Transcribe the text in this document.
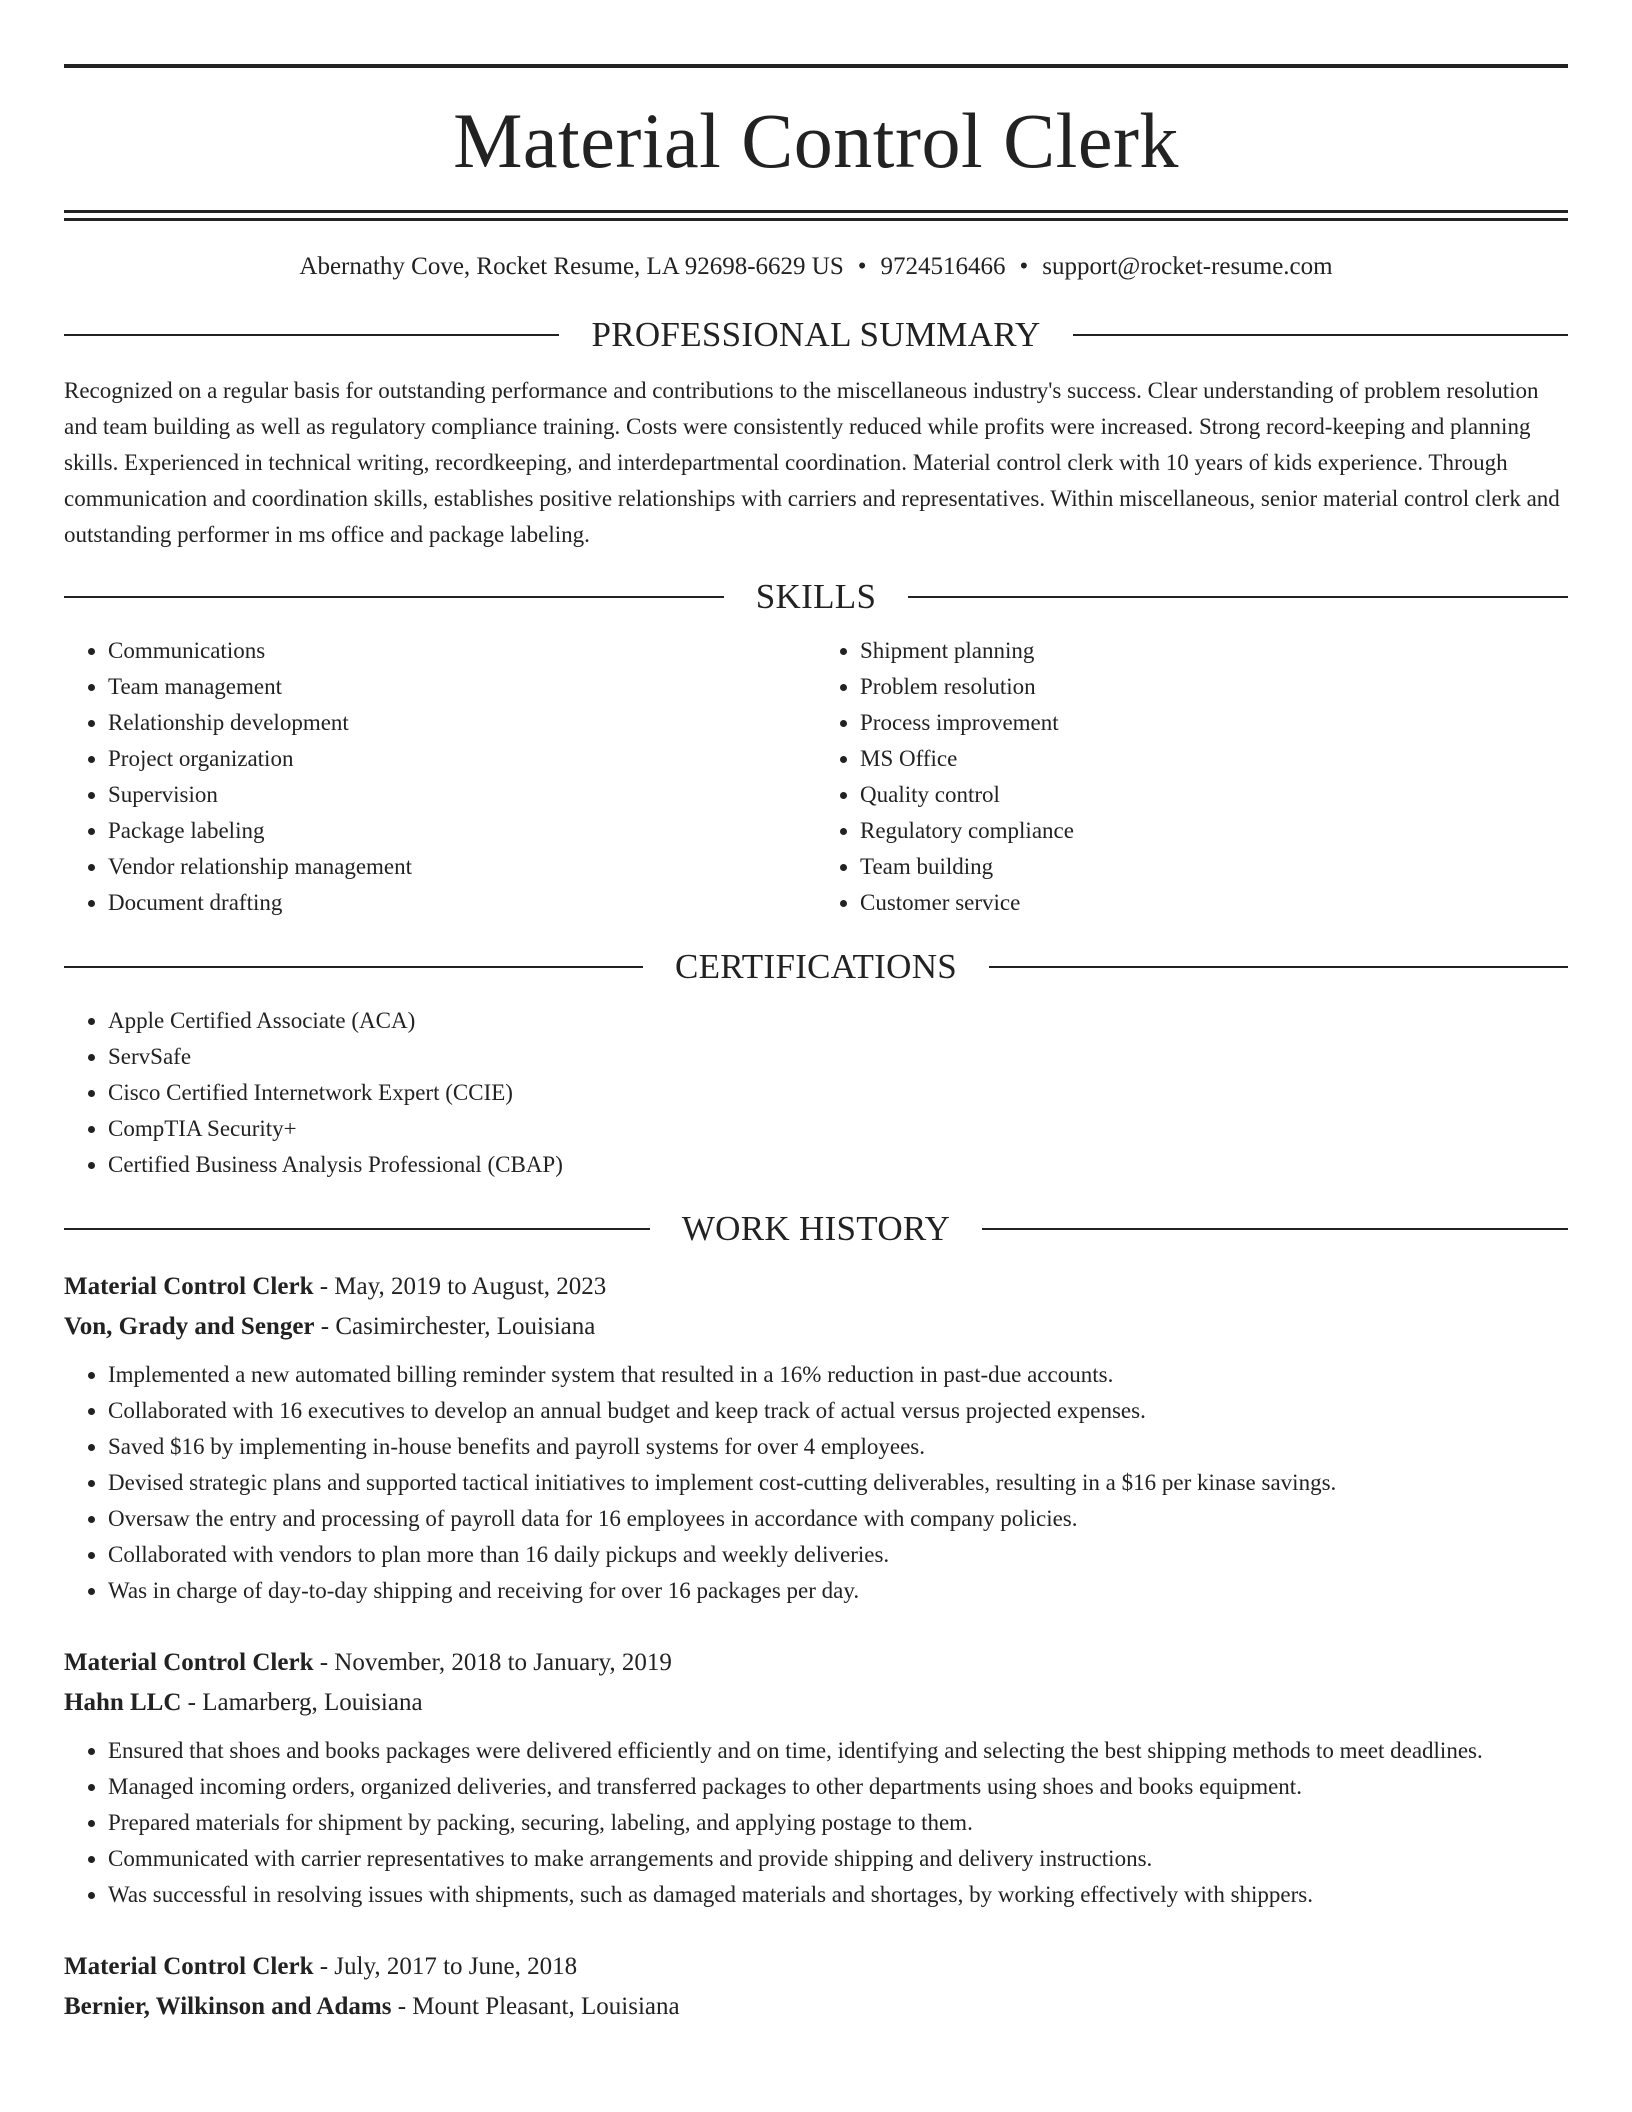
Material Control Clerk
Abernathy Cove, Rocket Resume, LA 92698-6629 US • 9724516466 • support@rocket-resume.com
PROFESSIONAL SUMMARY
Recognized on a regular basis for outstanding performance and contributions to the miscellaneous industry's success. Clear understanding of problem resolution and team building as well as regulatory compliance training. Costs were consistently reduced while profits were increased. Strong record-keeping and planning skills. Experienced in technical writing, recordkeeping, and interdepartmental coordination. Material control clerk with 10 years of kids experience. Through communication and coordination skills, establishes positive relationships with carriers and representatives. Within miscellaneous, senior material control clerk and outstanding performer in ms office and package labeling.
SKILLS
• Communications
• Team management
• Relationship development
• Project organization
• Supervision
• Package labeling
• Vendor relationship management
• Document drafting
• Shipment planning
• Problem resolution
• Process improvement
• MS Office
• Quality control
• Regulatory compliance
• Team building
• Customer service
CERTIFICATIONS
• Apple Certified Associate (ACA)
• ServSafe
• Cisco Certified Internetwork Expert (CCIE)
• CompTIA Security+
• Certified Business Analysis Professional (CBAP)
WORK HISTORY
Material Control Clerk - May, 2019 to August, 2023
Von, Grady and Senger - Casimirchester, Louisiana
• Implemented a new automated billing reminder system that resulted in a 16% reduction in past-due accounts.
• Collaborated with 16 executives to develop an annual budget and keep track of actual versus projected expenses.
• Saved $16 by implementing in-house benefits and payroll systems for over 4 employees.
• Devised strategic plans and supported tactical initiatives to implement cost-cutting deliverables, resulting in a $16 per kinase savings.
• Oversaw the entry and processing of payroll data for 16 employees in accordance with company policies.
• Collaborated with vendors to plan more than 16 daily pickups and weekly deliveries.
• Was in charge of day-to-day shipping and receiving for over 16 packages per day.
Material Control Clerk - November, 2018 to January, 2019
Hahn LLC - Lamarberg, Louisiana
• Ensured that shoes and books packages were delivered efficiently and on time, identifying and selecting the best shipping methods to meet deadlines.
• Managed incoming orders, organized deliveries, and transferred packages to other departments using shoes and books equipment.
• Prepared materials for shipment by packing, securing, labeling, and applying postage to them.
• Communicated with carrier representatives to make arrangements and provide shipping and delivery instructions.
• Was successful in resolving issues with shipments, such as damaged materials and shortages, by working effectively with shippers.
Material Control Clerk - July, 2017 to June, 2018
Bernier, Wilkinson and Adams - Mount Pleasant, Louisiana
